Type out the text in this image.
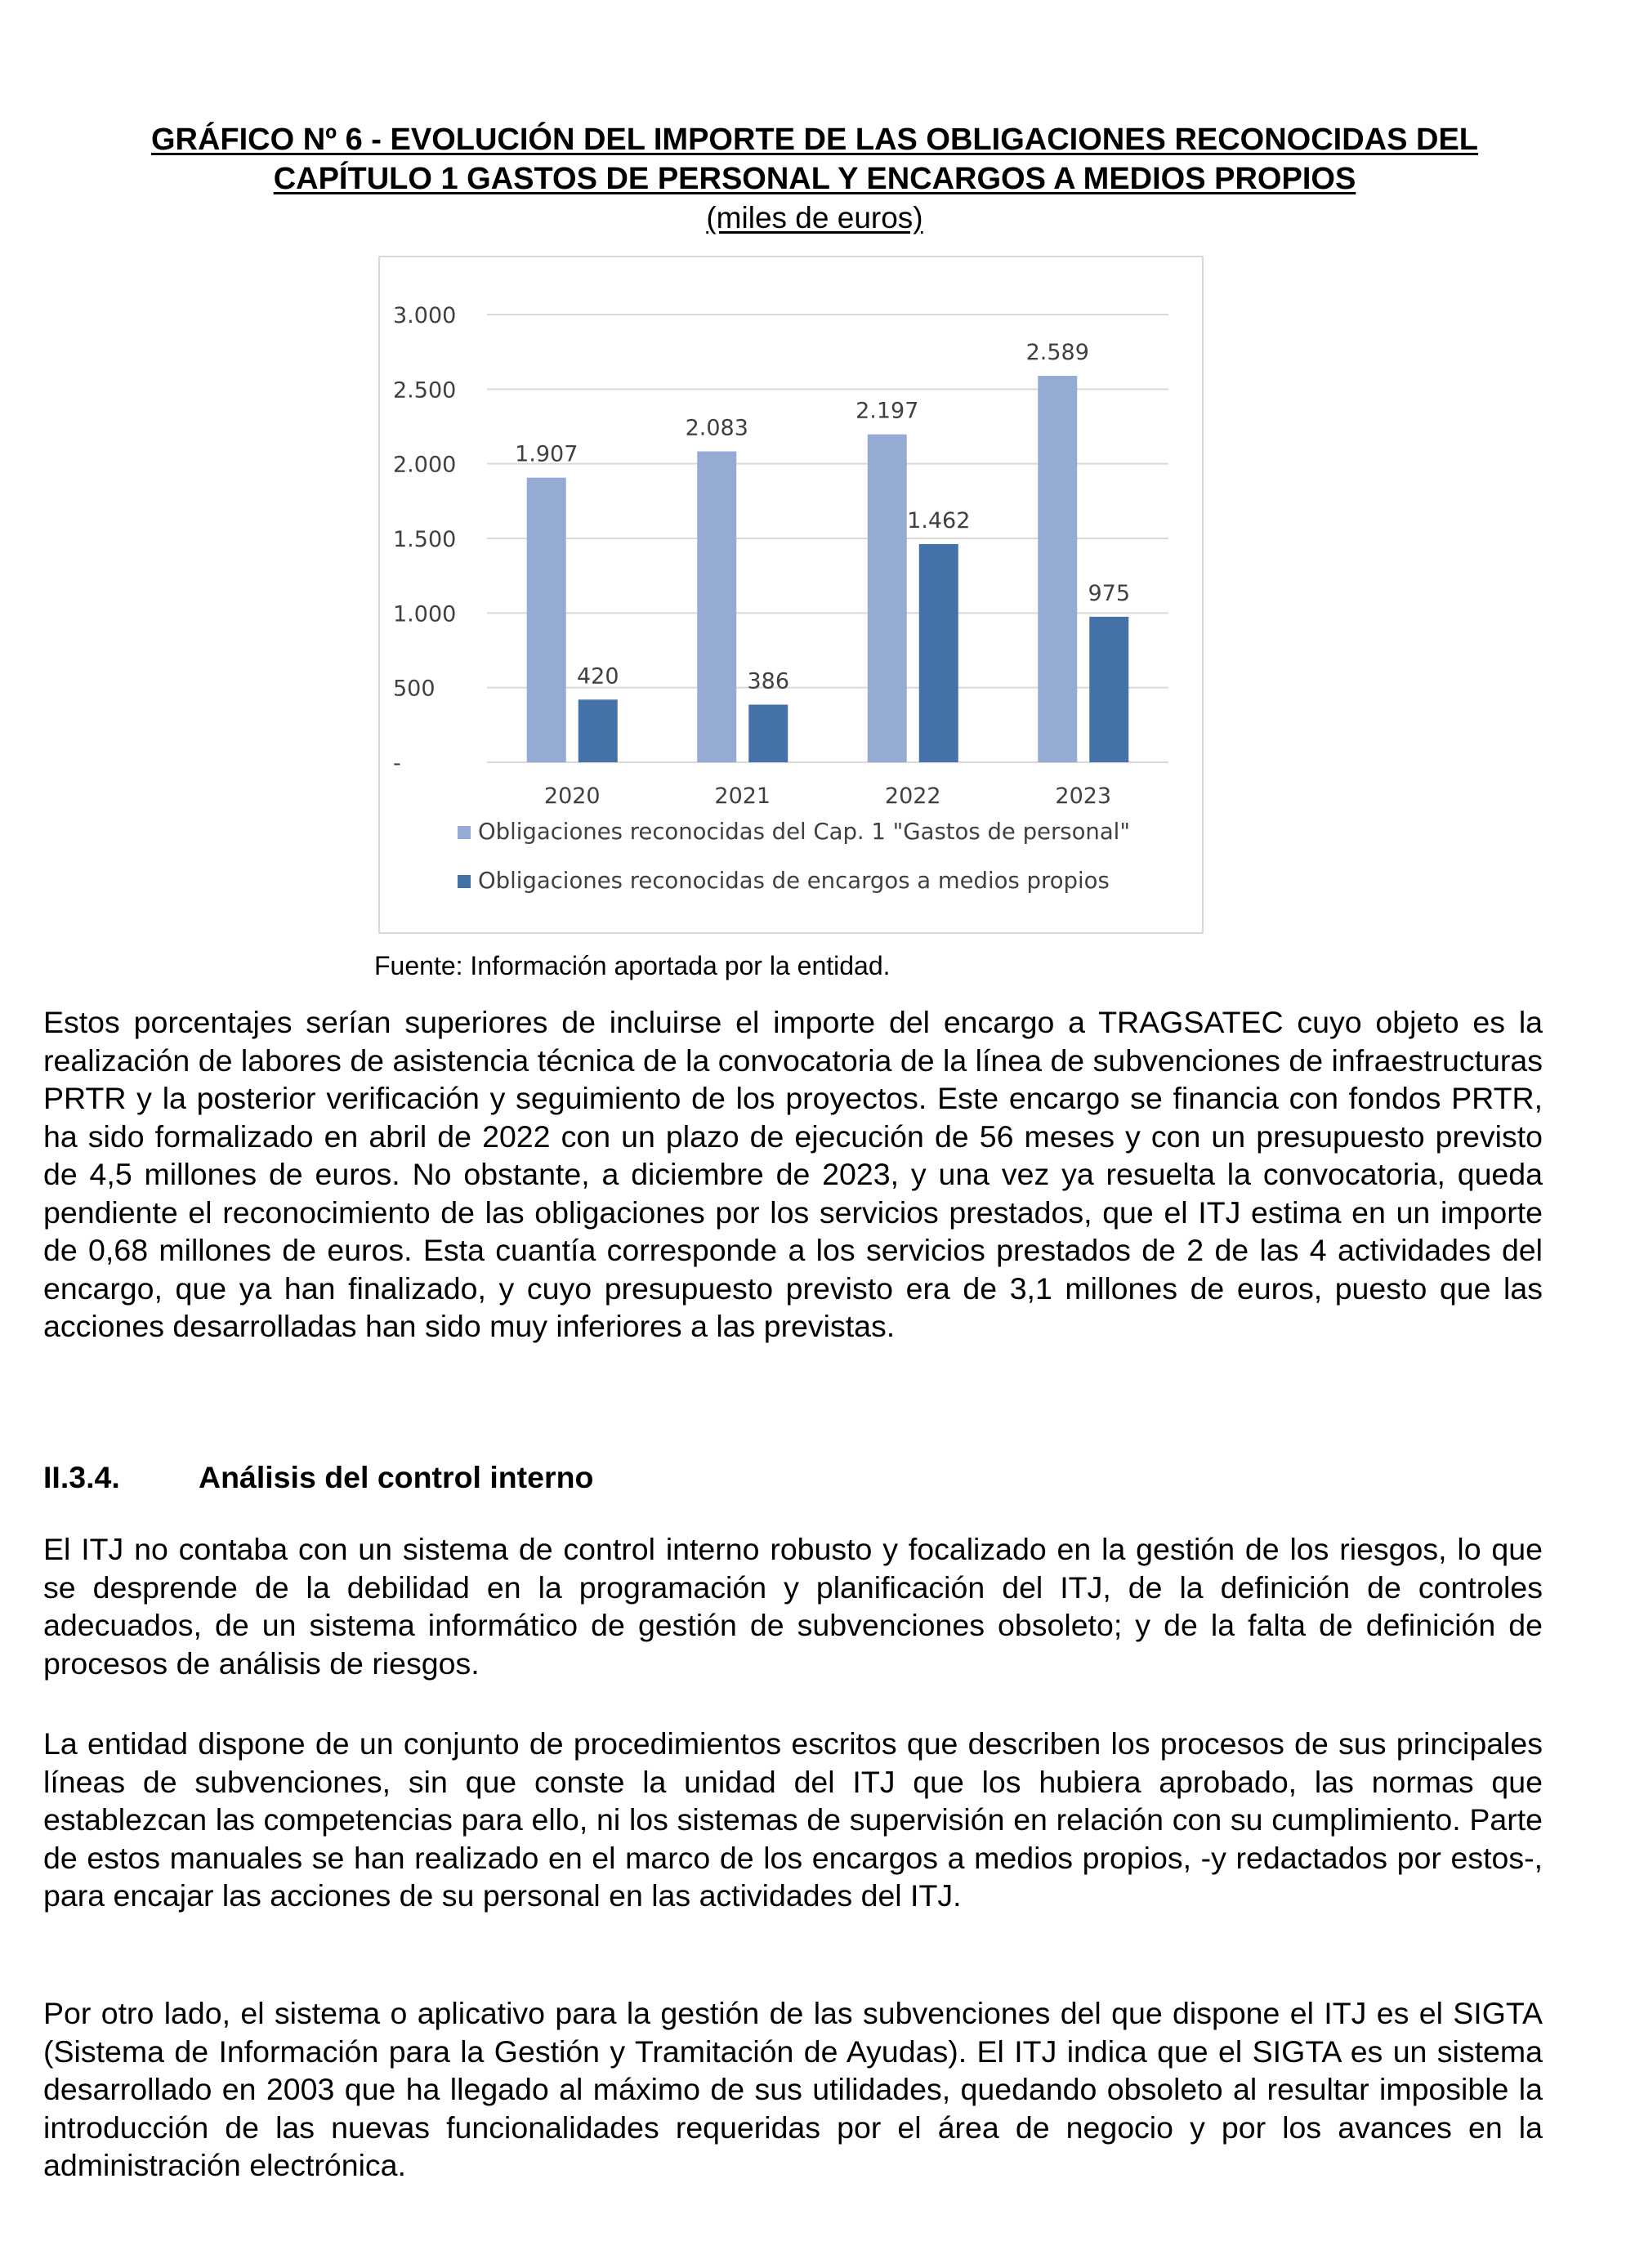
GRÁFICO Nº 6 - EVOLUCIÓN DEL IMPORTE DE LAS OBLIGACIONES RECONOCIDAS DEL
CAPÍTULO 1 GASTOS DE PERSONAL Y ENCARGOS A MEDIOS PROPIOS
(miles de euros)
-
500
1.000
1.500
2.000
2.500
3.000
1.907
420
2020
2.083
386
2021
2.197
1.462
2022
2.589
975
2023
Obligaciones reconocidas del Cap. 1 "Gastos de personal"
Obligaciones reconocidas de encargos a medios propios
Fuente: Información aportada por la entidad.

Estos porcentajes serían superiores de incluirse el importe del encargo a TRAGSATEC cuyo objeto es la realización de labores de asistencia técnica de la convocatoria de la línea de subvenciones de infraestructuras PRTR y la posterior verificación y seguimiento de los proyectos. Este encargo se financia con fondos PRTR, ha sido formalizado en abril de 2022 con un plazo de ejecución de 56 meses y con un presupuesto previsto de 4,5 millones de euros. No obstante, a diciembre de 2023, y una vez ya resuelta la convocatoria, queda pendiente el reconocimiento de las obligaciones por los servicios prestados, que el ITJ estima en un importe de 0,68 millones de euros. Esta cuantía corresponde a los servicios prestados de 2 de las 4 actividades del encargo, que ya han finalizado, y cuyo presupuesto previsto era de 3,1 millones de euros, puesto que las acciones desarrolladas han sido muy inferiores a las previstas.

II.3.4.	Análisis del control interno

El ITJ no contaba con un sistema de control interno robusto y focalizado en la gestión de los riesgos, lo que se desprende de la debilidad en la programación y planificación del ITJ, de la definición de controles adecuados, de un sistema informático de gestión de subvenciones obsoleto; y de la falta de definición de procesos de análisis de riesgos.

La entidad dispone de un conjunto de procedimientos escritos que describen los procesos de sus principales líneas de subvenciones, sin que conste la unidad del ITJ que los hubiera aprobado, las normas que establezcan las competencias para ello, ni los sistemas de supervisión en relación con su cumplimiento. Parte de estos manuales se han realizado en el marco de los encargos a medios propios, -y redactados por estos-, para encajar las acciones de su personal en las actividades del ITJ.

Por otro lado, el sistema o aplicativo para la gestión de las subvenciones del que dispone el ITJ es el SIGTA (Sistema de Información para la Gestión y Tramitación de Ayudas). El ITJ indica que el SIGTA es un sistema desarrollado en 2003 que ha llegado al máximo de sus utilidades, quedando obsoleto al resultar imposible la introducción de las nuevas funcionalidades requeridas por el área de negocio y por los avances en la administración electrónica.
